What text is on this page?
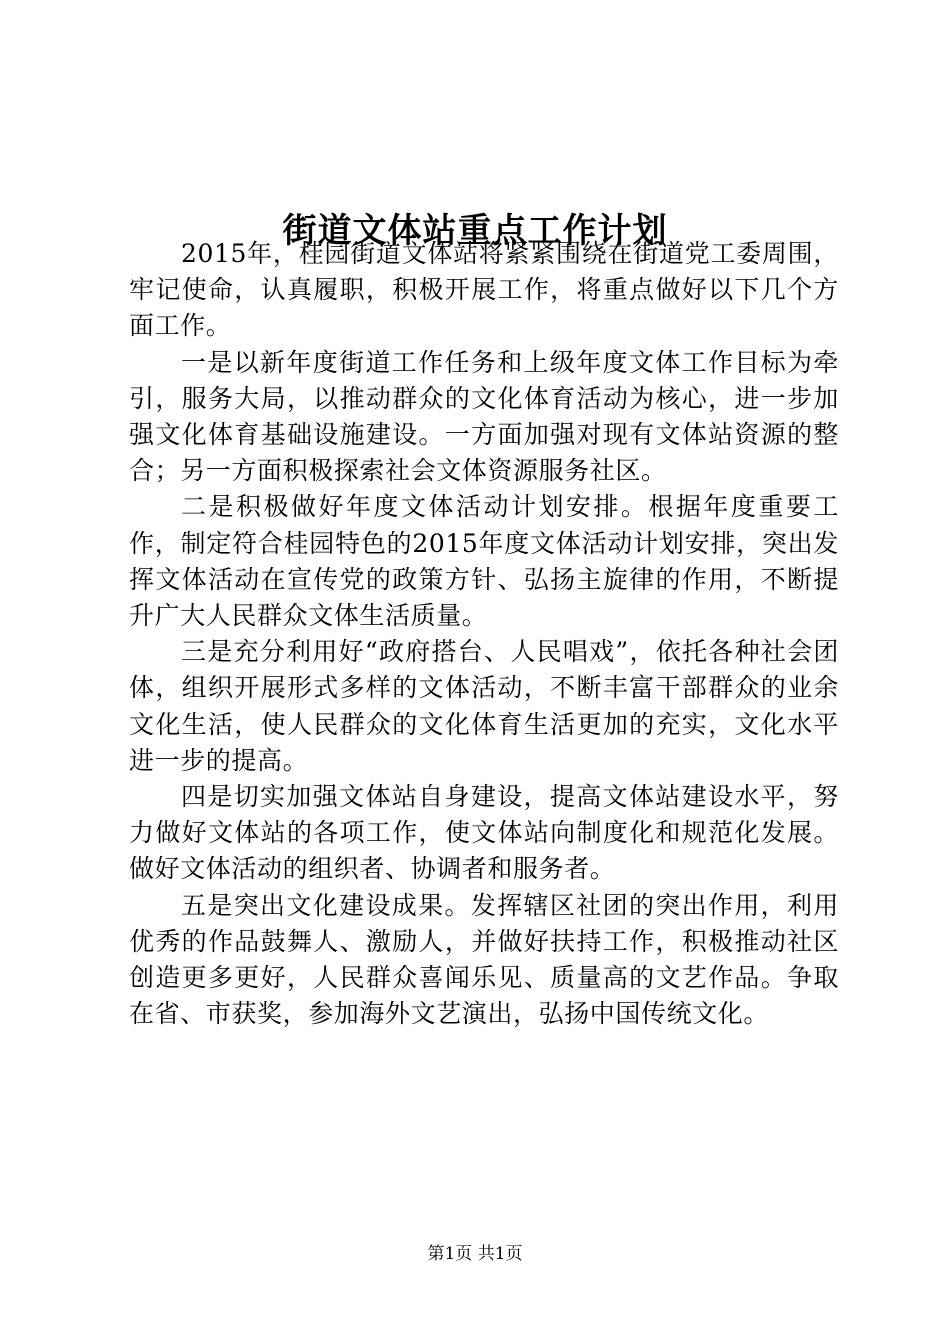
街道文体站重点工作计划

2015年，桂园街道文体站将紧紧围绕在街道党工委周围，牢记使命，认真履职，积极开展工作，将重点做好以下几个方面工作。

一是以新年度街道工作任务和上级年度文体工作目标为牵引，服务大局，以推动群众的文化体育活动为核心，进一步加强文化体育基础设施建设。一方面加强对现有文体站资源的整合；另一方面积极探索社会文体资源服务社区。

二是积极做好年度文体活动计划安排。根据年度重要工作，制定符合桂园特色的2015年度文体活动计划安排，突出发挥文体活动在宣传党的政策方针、弘扬主旋律的作用，不断提升广大人民群众文体生活质量。

三是充分利用好“政府搭台、人民唱戏”，依托各种社会团体，组织开展形式多样的文体活动，不断丰富干部群众的业余文化生活，使人民群众的文化体育生活更加的充实，文化水平进一步的提高。

四是切实加强文体站自身建设，提高文体站建设水平，努力做好文体站的各项工作，使文体站向制度化和规范化发展。做好文体活动的组织者、协调者和服务者。

五是突出文化建设成果。发挥辖区社团的突出作用，利用优秀的作品鼓舞人、激励人，并做好扶持工作，积极推动社区创造更多更好，人民群众喜闻乐见、质量高的文艺作品。争取在省、市获奖，参加海外文艺演出，弘扬中国传统文化。

第1页 共1页
